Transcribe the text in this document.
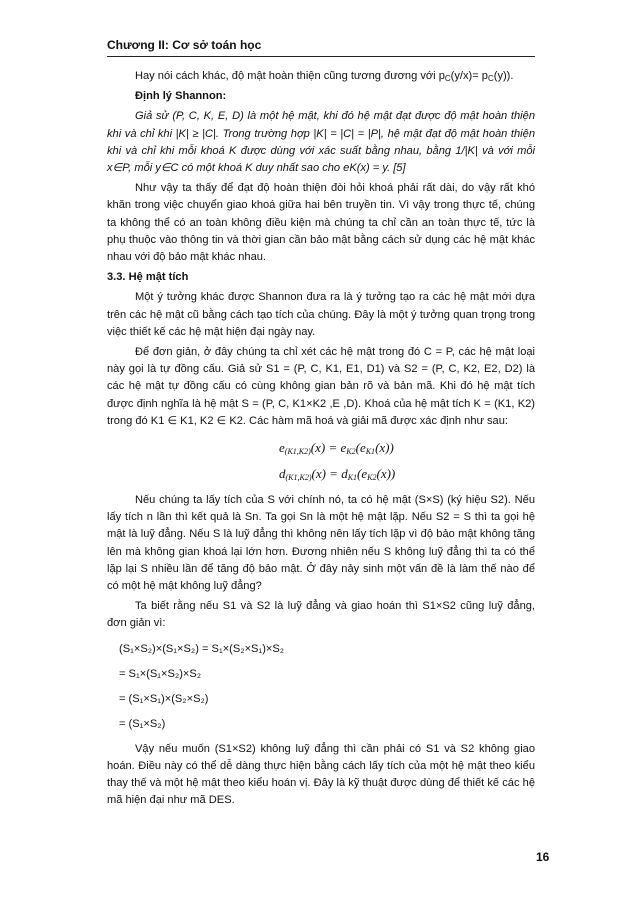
Chương II: Cơ sở toán học

Hay nói cách khác, độ mật hoàn thiện cũng tương đương với $p_C(y/x)= p_C(y)$).

Định lý Shannon:

Giả sử (P, C, K, E, D) là một hệ mật, khi đó hệ mật đạt được độ mật hoàn thiện khi và chỉ khi |K| ≥ |C|. Trong trường hợp |K| = |C| = |P|, hệ mật đạt độ mật hoàn thiện khi và chỉ khi mỗi khoá K được dùng với xác suất bằng nhau, bằng 1/|K| và với mỗi x∈P, mỗi y∈C có một khoá K duy nhất sao cho eK(x) = y. [5]

Như vậy ta thấy để đạt độ hoàn thiện đòi hỏi khoá phải rất dài, do vậy rất khó khăn trong việc chuyển giao khoá giữa hai bên truyền tin. Vì vậy trong thực tế, chúng ta không thể có an toàn không điều kiện mà chúng ta chỉ cần an toàn thực tế, tức là phụ thuộc vào thông tin và thời gian cần bảo mật bằng cách sử dụng các hệ mật khác nhau với độ bảo mật khác nhau.

3.3. Hệ mật tích

Một ý tưởng khác được Shannon đưa ra là ý tưởng tạo ra các hệ mật mới dựa trên các hệ mật cũ bằng cách tạo tích của chúng. Đây là một ý tưởng quan trọng trong việc thiết kế các hệ mật hiện đại ngày nay.

Để đơn giản, ở đây chúng ta chỉ xét các hệ mật trong đó C = P, các hệ mật loại này gọi là tự đồng cấu. Giả sử S1 = (P, C, K1, E1, D1) và S2 = (P, C, K2, E2, D2) là các hệ mật tự đồng cấu có cùng không gian bản rõ và bản mã. Khi đó hệ mật tích được định nghĩa là hệ mật S = (P, C, K1×K2 ,E ,D). Khoá của hệ mật tích K = (K1, K2) trong đó K1 ∈ K1, K2 ∈ K2. Các hàm mã hoá và giải mã được xác định như sau:

$e_{(K1,K2)}(x) = e_{K2}(e_{K1}(x))$
$d_{(K1,K2)}(x) = d_{K1}(e_{K2}(x))$

Nếu chúng ta lấy tích của S với chính nó, ta có hệ mật (S×S) (ký hiệu S2). Nếu lấy tích n lần thì kết quả là Sn. Ta gọi Sn là một hệ mật lặp. Nếu S2 = S thì ta gọi hệ mật là luỹ đẳng. Nếu S là luỹ đẳng thì không nên lấy tích lặp vì độ bảo mật không tăng lên mà không gian khoá lại lớn hơn. Đương nhiên nếu S không luỹ đẳng thì ta có thể lặp lại S nhiều lần để tăng độ bảo mật. Ở đây nảy sinh một vấn đề là làm thế nào để có một hệ mật không luỹ đẳng?

Ta biết rằng nếu S1 và S2 là luỹ đẳng và giao hoán thì S1×S2 cũng luỹ đẳng, đơn giản vì:

(S₁×S₂)×(S₁×S₂) = S₁×(S₂×S₁)×S₂
= S₁×(S₁×S₂)×S₂
= (S₁×S₁)×(S₂×S₂)
= (S₁×S₂)

Vậy nếu muốn (S1×S2) không luỹ đẳng thì cần phải có S1 và S2 không giao hoán. Điều này có thể dễ dàng thực hiện bằng cách lấy tích của một hệ mật theo kiểu thay thế và một hệ mật theo kiểu hoán vị. Đây là kỹ thuật được dùng để thiết kế các hệ mã hiện đại như mã DES.

16
